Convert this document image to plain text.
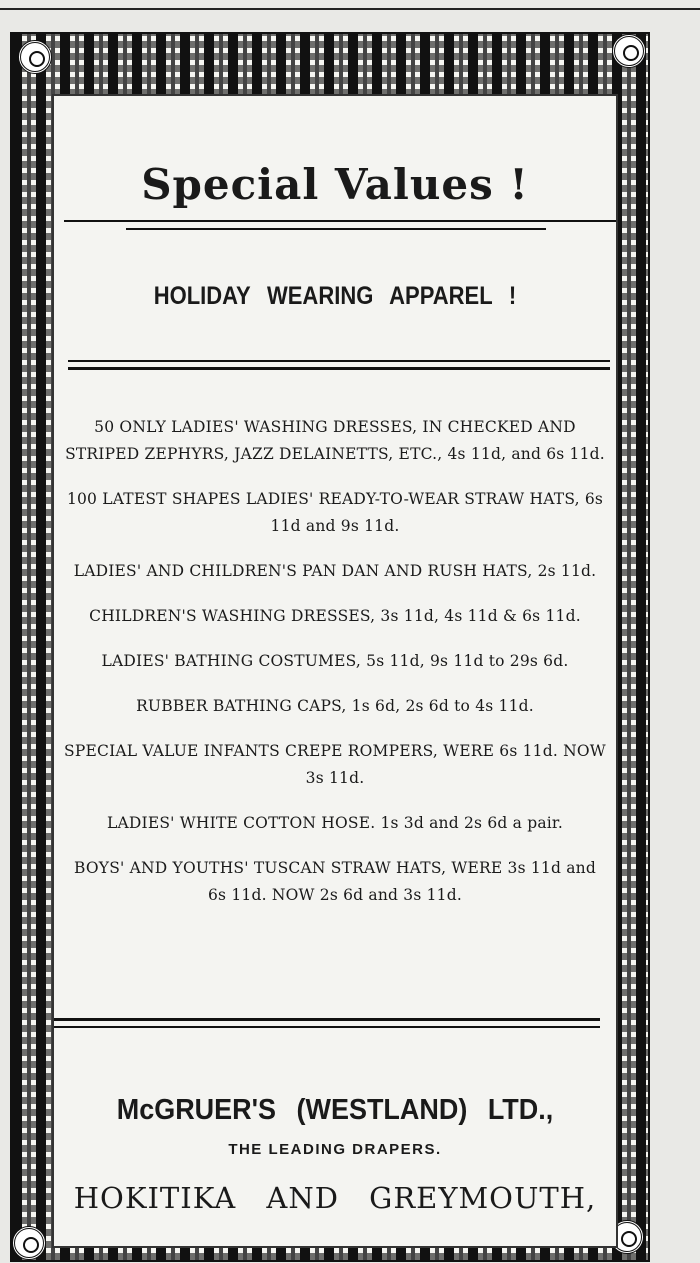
Special Values !
HOLIDAY WEARING APPAREL !
50 ONLY LADIES' WASHING DRESSES, IN CHECKED AND STRIPED ZEPHYRS, JAZZ DELAINETTS, ETC., 4s 11d, and 6s 11d.
100 LATEST SHAPES LADIES' READY-TO-WEAR STRAW HATS, 6s 11d and 9s 11d.
LADIES' AND CHILDREN'S PAN DAN AND RUSH HATS, 2s 11d.
CHILDREN'S WASHING DRESSES, 3s 11d, 4s 11d & 6s 11d.
LADIES' BATHING COSTUMES, 5s 11d, 9s 11d to 29s 6d.
RUBBER BATHING CAPS, 1s 6d, 2s 6d to 4s 11d.
SPECIAL VALUE INFANTS CREPE ROMPERS, WERE 6s 11d. NOW 3s 11d.
LADIES' WHITE COTTON HOSE. 1s 3d and 2s 6d a pair.
BOYS' AND YOUTHS' TUSCAN STRAW HATS, WERE 3s 11d and 6s 11d. NOW 2s 6d and 3s 11d.
McGRUER'S (WESTLAND) LTD.,
THE LEADING DRAPERS.
HOKITIKA AND GREYMOUTH,
